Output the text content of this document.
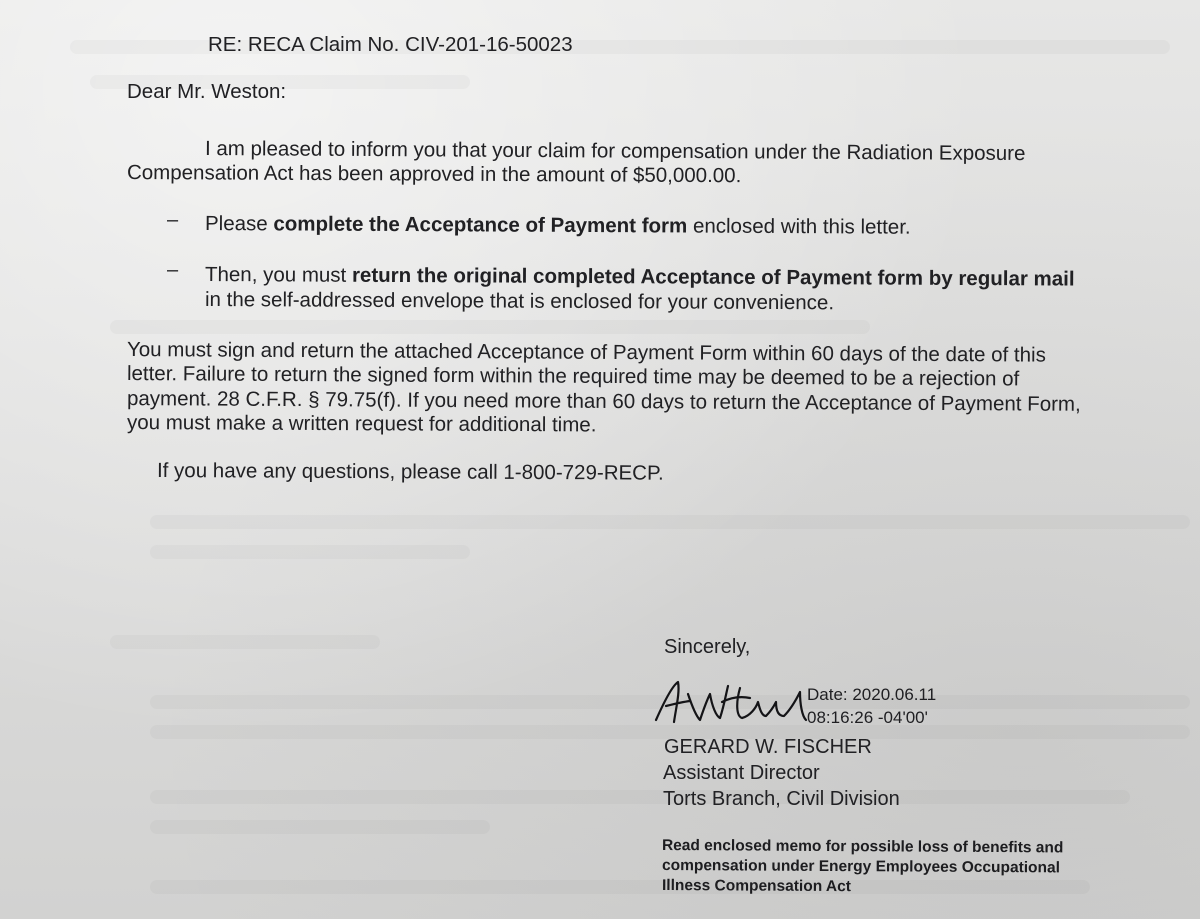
RE: RECA Claim No. CIV-201-16-50023

Dear Mr. Weston:

I am pleased to inform you that your claim for compensation under the Radiation Exposure

Compensation Act has been approved in the amount of $50,000.00.

– Please complete the Acceptance of Payment form enclosed with this letter.

– Then, you must return the original completed Acceptance of Payment form by regular mail

in the self-addressed envelope that is enclosed for your convenience.

You must sign and return the attached Acceptance of Payment Form within 60 days of the date of this

letter. Failure to return the signed form within the required time may be deemed to be a rejection of

payment. 28 C.F.R. § 79.75(f). If you need more than 60 days to return the Acceptance of Payment Form,

you must make a written request for additional time.

If you have any questions, please call 1-800-729-RECP.

Sincerely,

Date: 2020.06.11
08:16:26 -04'00'

GERARD W. FISCHER

Assistant Director

Torts Branch, Civil Division

Read enclosed memo for possible loss of benefits and
compensation under Energy Employees Occupational
Illness Compensation Act
